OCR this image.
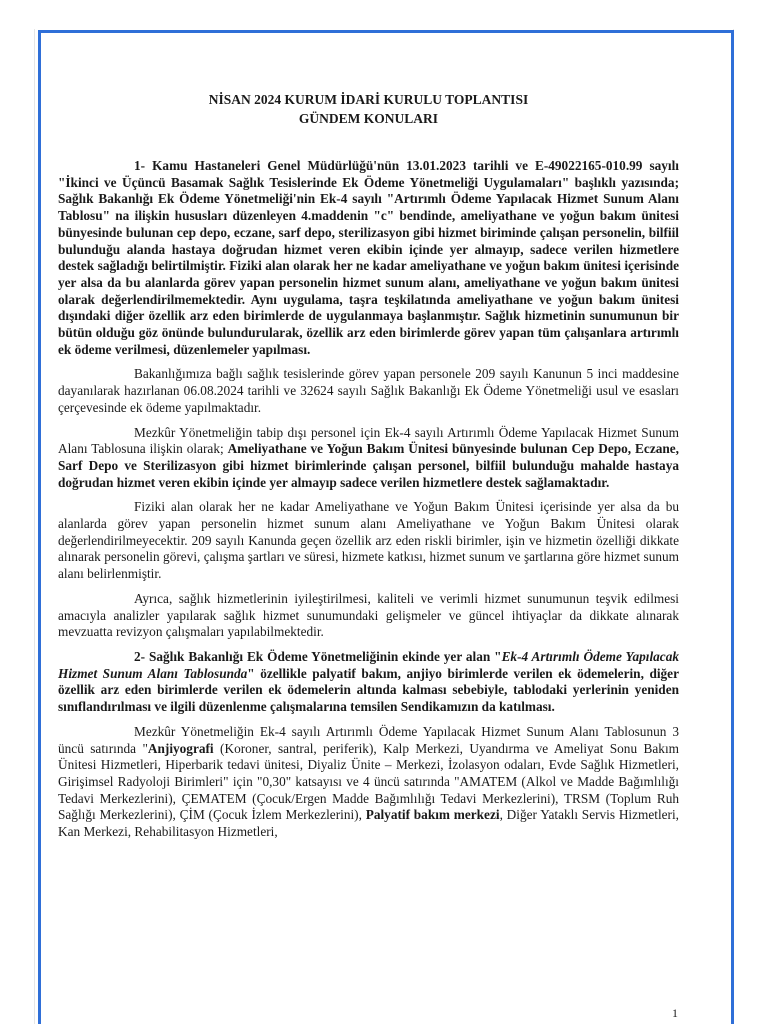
NİSAN 2024 KURUM İDARİ KURULU TOPLANTISI
GÜNDEM KONULARI

1- Kamu Hastaneleri Genel Müdürlüğü'nün 13.01.2023 tarihli ve E-49022165-010.99 sayılı "İkinci ve Üçüncü Basamak Sağlık Tesislerinde Ek Ödeme Yönetmeliği Uygulamaları" başlıklı yazısında; Sağlık Bakanlığı Ek Ödeme Yönetmeliği'nin Ek-4 sayılı "Artırımlı Ödeme Yapılacak Hizmet Sunum Alanı Tablosu" na ilişkin hususları düzenleyen 4.maddenin "c" bendinde, ameliyathane ve yoğun bakım ünitesi bünyesinde bulunan cep depo, eczane, sarf depo, sterilizasyon gibi hizmet biriminde çalışan personelin, bilfiil bulunduğu alanda hastaya doğrudan hizmet veren ekibin içinde yer almayıp, sadece verilen hizmetlere destek sağladığı belirtilmiştir. Fiziki alan olarak her ne kadar ameliyathane ve yoğun bakım ünitesi içerisinde yer alsa da bu alanlarda görev yapan personelin hizmet sunum alanı, ameliyathane ve yoğun bakım ünitesi olarak değerlendirilmemektedir. Aynı uygulama, taşra teşkilatında ameliyathane ve yoğun bakım ünitesi dışındaki diğer özellik arz eden birimlerde de uygulanmaya başlanmıştır. Sağlık hizmetinin sunumunun bir bütün olduğu göz önünde bulundurularak, özellik arz eden birimlerde görev yapan tüm çalışanlara artırımlı ek ödeme verilmesi, düzenlemeler yapılması.

Bakanlığımıza bağlı sağlık tesislerinde görev yapan personele 209 sayılı Kanunun 5 inci maddesine dayanılarak hazırlanan 06.08.2024 tarihli ve 32624 sayılı Sağlık Bakanlığı Ek Ödeme Yönetmeliği usul ve esasları çerçevesinde ek ödeme yapılmaktadır.

Mezkûr Yönetmeliğin tabip dışı personel için Ek-4 sayılı Artırımlı Ödeme Yapılacak Hizmet Sunum Alanı Tablosuna ilişkin olarak; Ameliyathane ve Yoğun Bakım Ünitesi bünyesinde bulunan Cep Depo, Eczane, Sarf Depo ve Sterilizasyon gibi hizmet birimlerinde çalışan personel, bilfiil bulunduğu mahalde hastaya doğrudan hizmet veren ekibin içinde yer almayıp sadece verilen hizmetlere destek sağlamaktadır.

Fiziki alan olarak her ne kadar Ameliyathane ve Yoğun Bakım Ünitesi içerisinde yer alsa da bu alanlarda görev yapan personelin hizmet sunum alanı Ameliyathane ve Yoğun Bakım Ünitesi olarak değerlendirilmeyecektir. 209 sayılı Kanunda geçen özellik arz eden riskli birimler, işin ve hizmetin özelliği dikkate alınarak personelin görevi, çalışma şartları ve süresi, hizmete katkısı, hizmet sunum ve şartlarına göre hizmet sunum alanı belirlenmiştir.

Ayrıca, sağlık hizmetlerinin iyileştirilmesi, kaliteli ve verimli hizmet sunumunun teşvik edilmesi amacıyla analizler yapılarak sağlık hizmet sunumundaki gelişmeler ve güncel ihtiyaçlar da dikkate alınarak mevzuatta revizyon çalışmaları yapılabilmektedir.

2- Sağlık Bakanlığı Ek Ödeme Yönetmeliğinin ekinde yer alan "Ek-4 Artırımlı Ödeme Yapılacak Hizmet Sunum Alanı Tablosunda" özellikle palyatif bakım, anjiyo birimlerde verilen ek ödemelerin, diğer özellik arz eden birimlerde verilen ek ödemelerin altında kalması sebebiyle, tablodaki yerlerinin yeniden sınıflandırılması ve ilgili düzenlenme çalışmalarına temsilen Sendikamızın da katılması.

Mezkûr Yönetmeliğin Ek-4 sayılı Artırımlı Ödeme Yapılacak Hizmet Sunum Alanı Tablosunun 3 üncü satırında "Anjiyografi (Koroner, santral, periferik), Kalp Merkezi, Uyandırma ve Ameliyat Sonu Bakım Ünitesi Hizmetleri, Hiperbarik tedavi ünitesi, Diyaliz Ünite – Merkezi, İzolasyon odaları, Evde Sağlık Hizmetleri, Girişimsel Radyoloji Birimleri" için "0,30" katsayısı ve 4 üncü satırında "AMATEM (Alkol ve Madde Bağımlılığı Tedavi Merkezlerini), ÇEMATEM (Çocuk/Ergen Madde Bağımlılığı Tedavi Merkezlerini), TRSM (Toplum Ruh Sağlığı Merkezlerini), ÇİM (Çocuk İzlem Merkezlerini), Palyatif bakım merkezi, Diğer Yataklı Servis Hizmetleri, Kan Merkezi, Rehabilitasyon Hizmetleri,

1
